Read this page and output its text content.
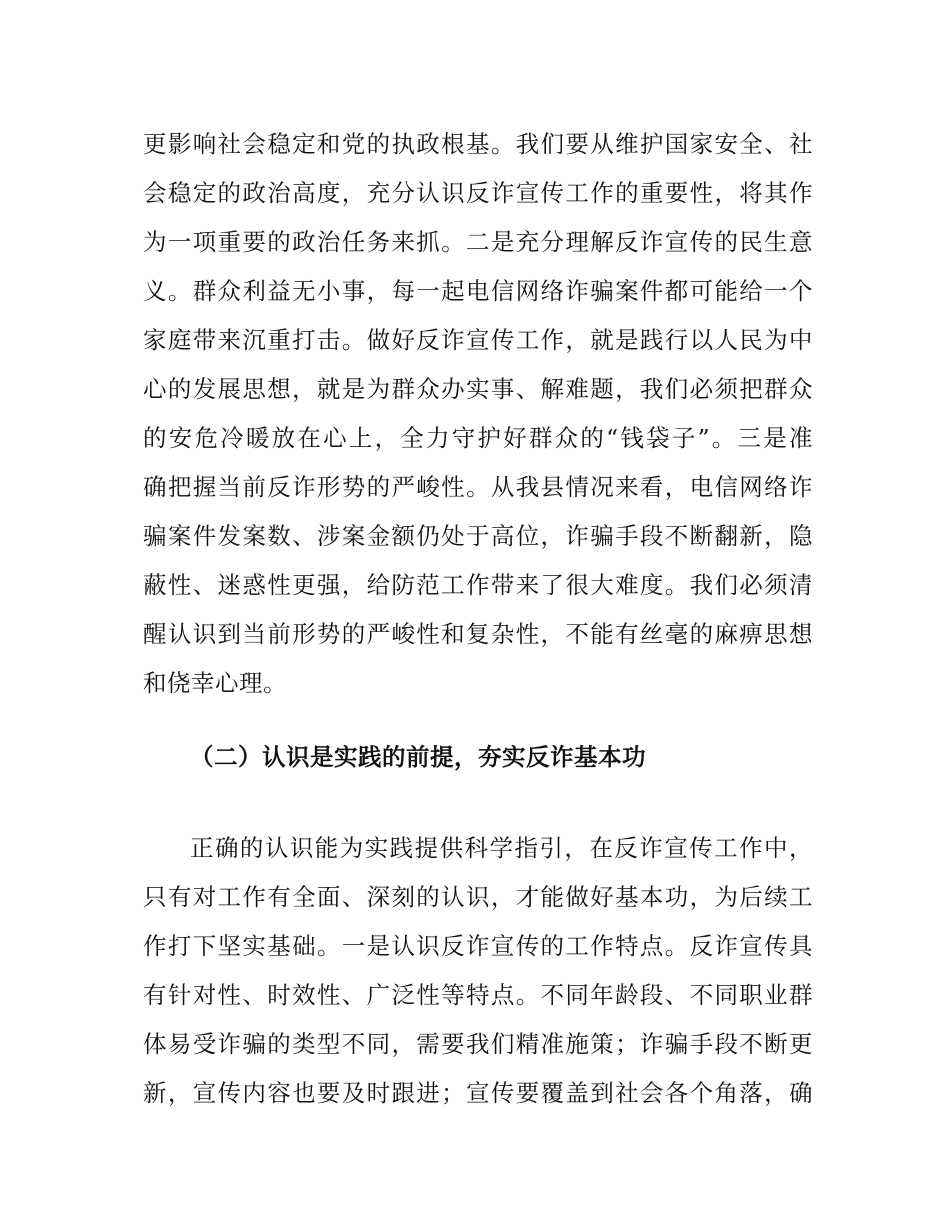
更影响社会稳定和党的执政根基。我们要从维护国家安全、社
会稳定的政治高度，充分认识反诈宣传工作的重要性，将其作
为一项重要的政治任务来抓。二是充分理解反诈宣传的民生意
义。群众利益无小事，每一起电信网络诈骗案件都可能给一个
家庭带来沉重打击。做好反诈宣传工作，就是践行以人民为中
心的发展思想，就是为群众办实事、解难题，我们必须把群众
的安危冷暖放在心上，全力守护好群众的“钱袋子”。三是准
确把握当前反诈形势的严峻性。从我县情况来看，电信网络诈
骗案件发案数、涉案金额仍处于高位，诈骗手段不断翻新，隐
蔽性、迷惑性更强，给防范工作带来了很大难度。我们必须清
醒认识到当前形势的严峻性和复杂性，不能有丝毫的麻痹思想
和侥幸心理。
（二）认识是实践的前提，夯实反诈基本功
正确的认识能为实践提供科学指引，在反诈宣传工作中，
只有对工作有全面、深刻的认识，才能做好基本功，为后续工
作打下坚实基础。一是认识反诈宣传的工作特点。反诈宣传具
有针对性、时效性、广泛性等特点。不同年龄段、不同职业群
体易受诈骗的类型不同，需要我们精准施策；诈骗手段不断更
新，宣传内容也要及时跟进；宣传要覆盖到社会各个角落，确
